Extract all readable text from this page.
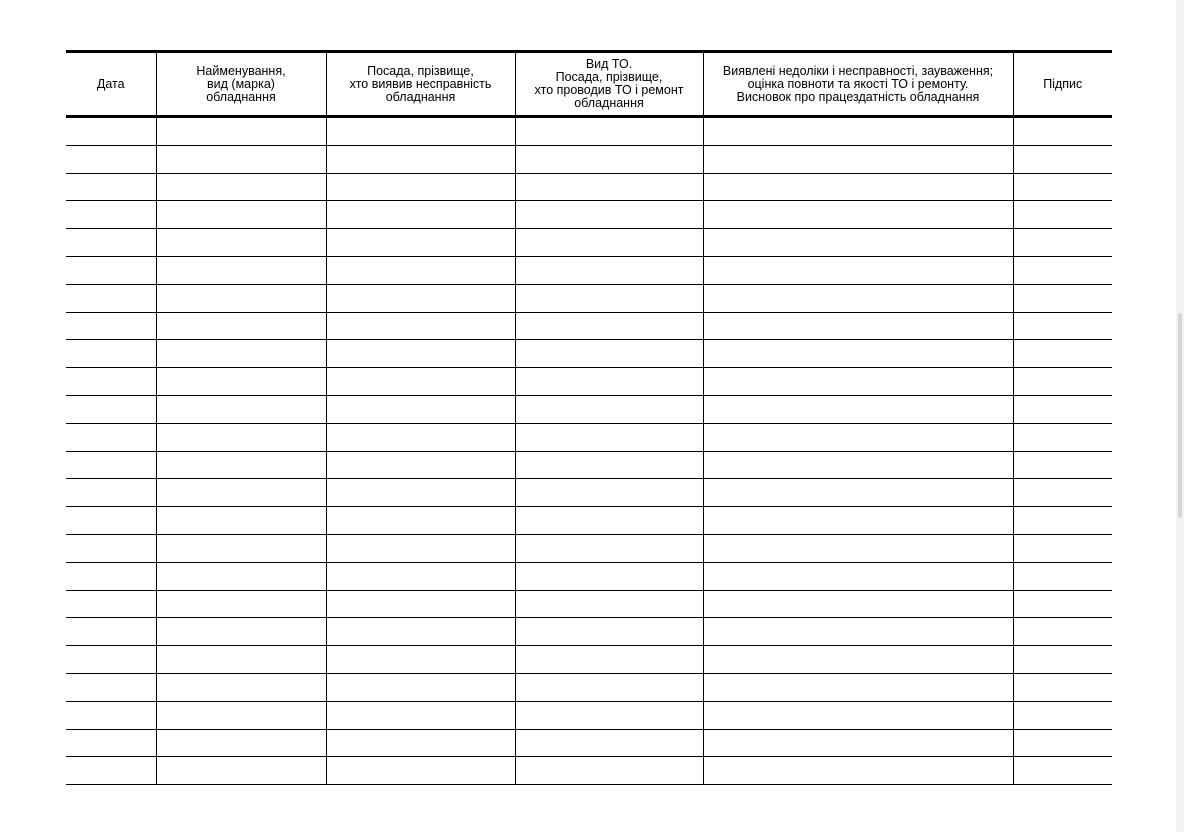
Дата	Найменування,
вид (марка)
обладнання	Посада, прізвище,
хто виявив несправність
обладнання	Вид ТО.
Посада, прізвище,
хто проводив ТО і ремонт
обладнання	Виявлені недоліки і несправності, зауваження;
оцінка повноти та якості ТО і ремонту.
Висновок про працездатність обладнання	Підпис
